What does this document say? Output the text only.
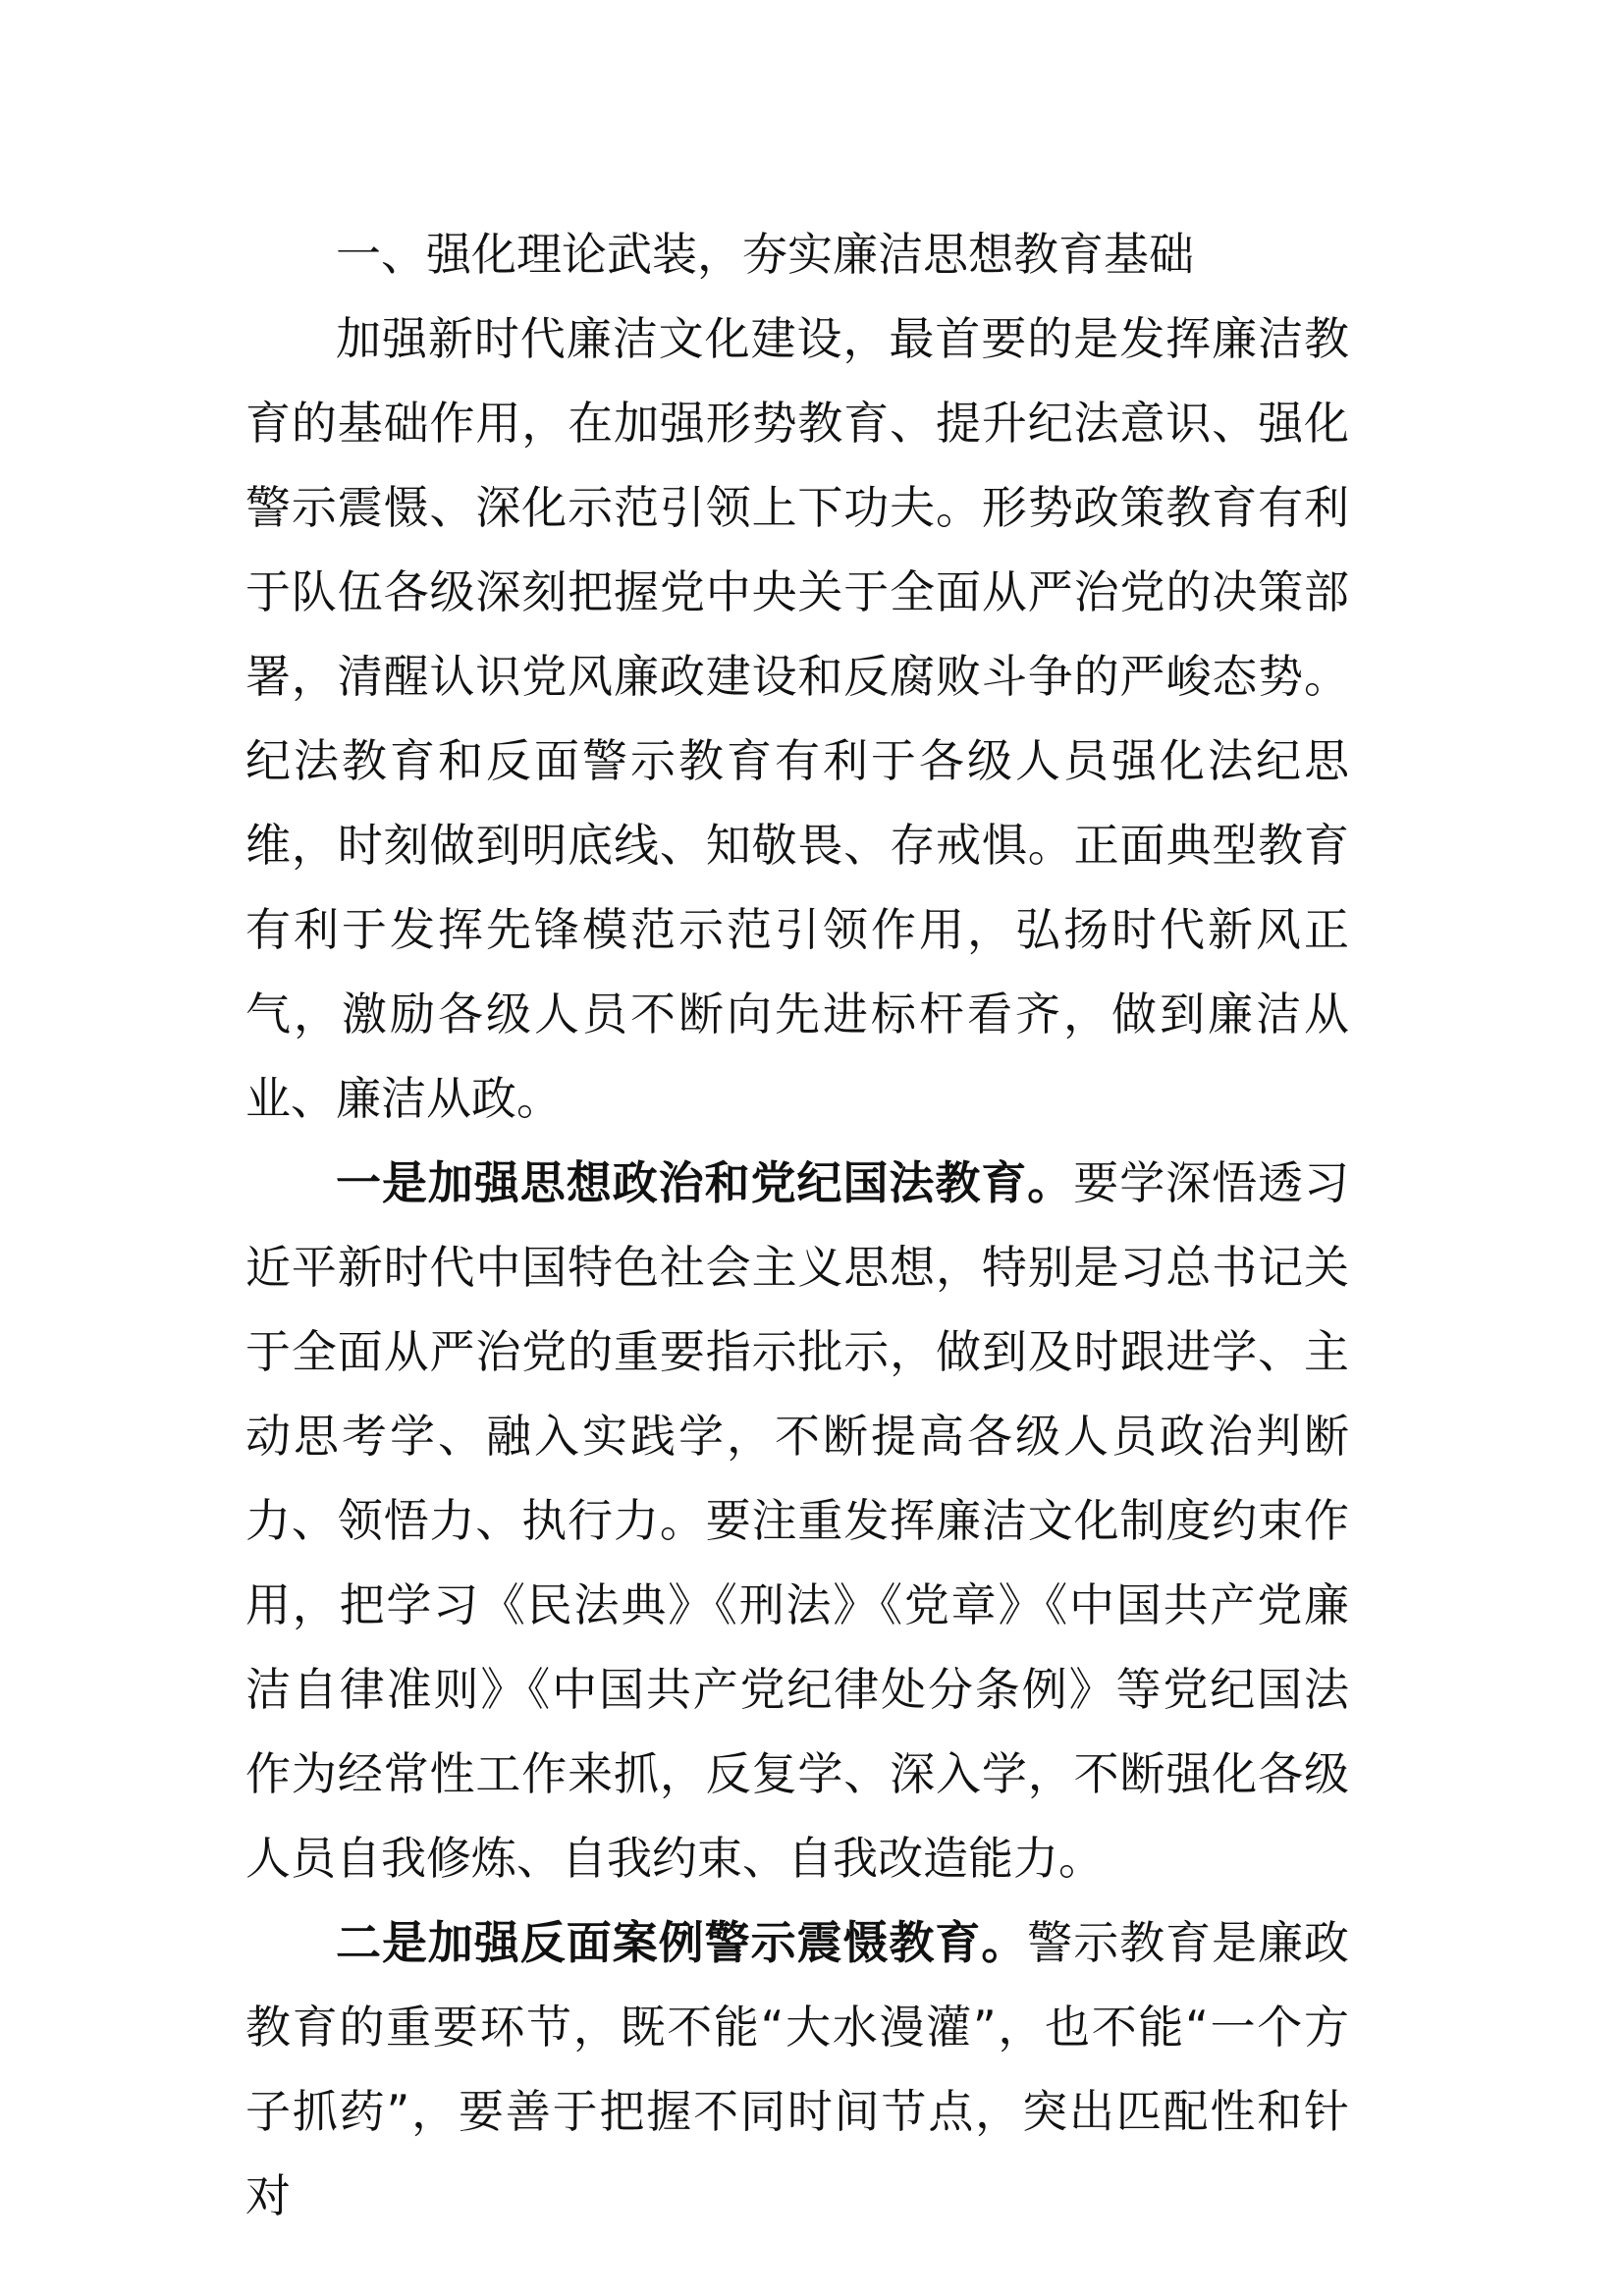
一、强化理论武装，夯实廉洁思想教育基础

加强新时代廉洁文化建设，最首要的是发挥廉洁教育的基础作用，在加强形势教育、提升纪法意识、强化警示震慑、深化示范引领上下功夫。形势政策教育有利于队伍各级深刻把握党中央关于全面从严治党的决策部署，清醒认识党风廉政建设和反腐败斗争的严峻态势。纪法教育和反面警示教育有利于各级人员强化法纪思维，时刻做到明底线、知敬畏、存戒惧。正面典型教育有利于发挥先锋模范示范引领作用，弘扬时代新风正气，激励各级人员不断向先进标杆看齐，做到廉洁从业、廉洁从政。

一是加强思想政治和党纪国法教育。要学深悟透习近平新时代中国特色社会主义思想，特别是习总书记关于全面从严治党的重要指示批示，做到及时跟进学、主动思考学、融入实践学，不断提高各级人员政治判断力、领悟力、执行力。要注重发挥廉洁文化制度约束作用，把学习《民法典》《刑法》《党章》《中国共产党廉洁自律准则》《中国共产党纪律处分条例》等党纪国法作为经常性工作来抓，反复学、深入学，不断强化各级人员自我修炼、自我约束、自我改造能力。

二是加强反面案例警示震慑教育。警示教育是廉政教育的重要环节，既不能“大水漫灌”，也不能“一个方子抓药”，要善于把握不同时间节点，突出匹配性和针对
